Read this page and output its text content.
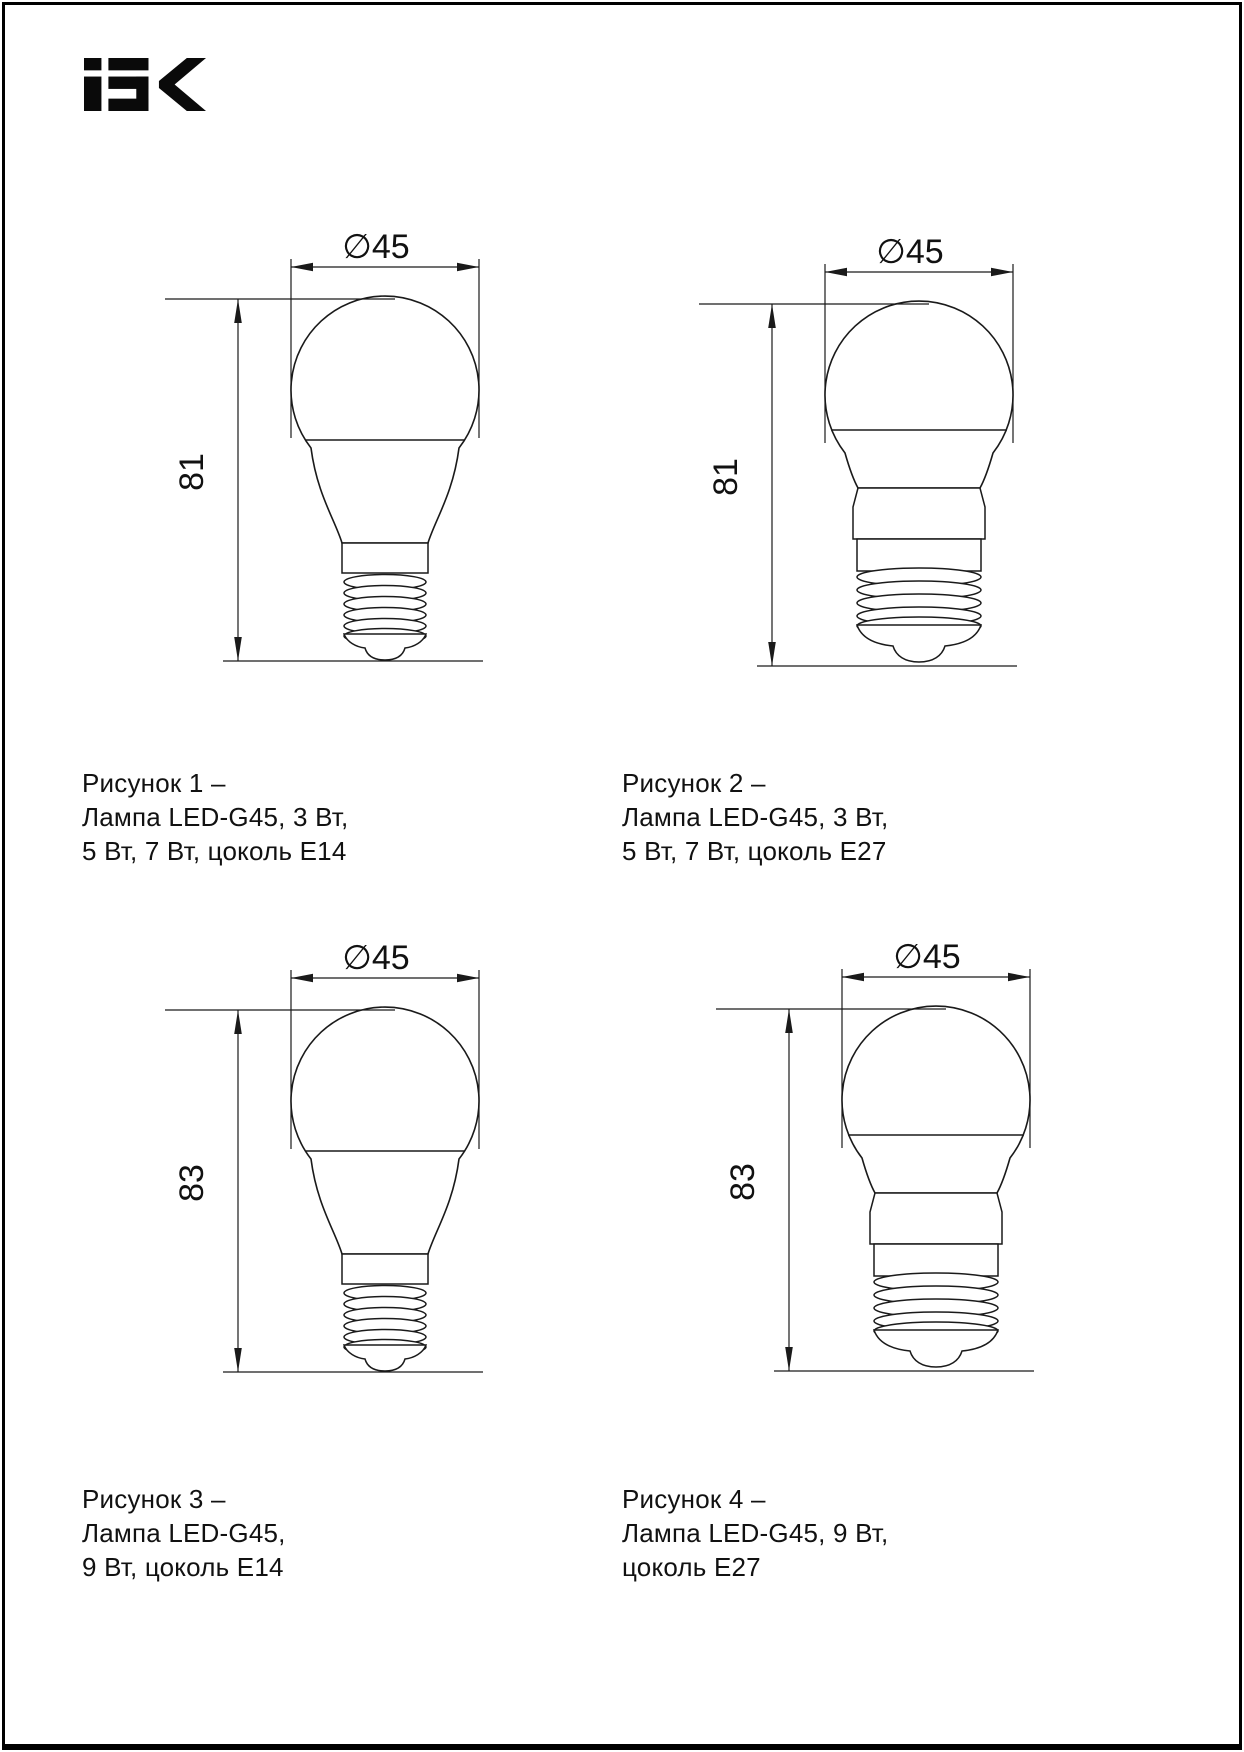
∅45
81
∅45
81
∅45
83
∅45
83
Рисунок 1 –
Лампа LED-G45, 3 Вт,
5 Вт, 7 Вт, цоколь E14
Рисунок 2 –
Лампа LED-G45, 3 Вт,
5 Вт, 7 Вт, цоколь E27
Рисунок 3 –
Лампа LED-G45,
9 Вт, цоколь E14
Рисунок 4 –
Лампа LED-G45, 9 Вт,
цоколь E27
